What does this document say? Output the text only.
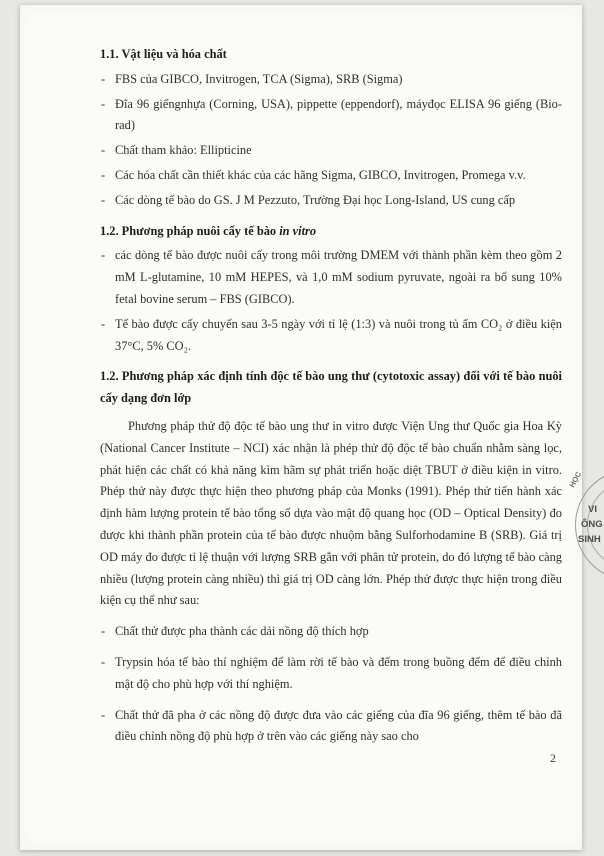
1.1. Vật liệu và hóa chất
- FBS của GIBCO, Invitrogen, TCA (Sigma), SRB (Sigma)
- Đĩa 96 giếngnhựa (Corning, USA), pippette (eppendorf), máyđọc ELISA 96 giếng (Bio-rad)
- Chất tham khảo: Ellipticine
- Các hóa chất cần thiết khác của các hãng Sigma, GIBCO, Invitrogen, Promega v.v.
- Các dòng tế bào do GS. J M Pezzuto, Trường Đại học Long-Island, US cung cấp
1.2. Phương pháp nuôi cấy tế bào in vitro
- các dòng tế bào được nuôi cấy trong môi trường DMEM với thành phần kèm theo gồm 2 mM L-glutamine, 10 mM HEPES, và 1,0 mM sodium pyruvate, ngoài ra bổ sung 10% fetal bovine serum – FBS (GIBCO).
- Tế bào được cấy chuyển sau 3-5 ngày với tỉ lệ (1:3) và nuôi trong tủ ấm CO₂ ở điều kiện 37°C, 5% CO₂.
1.2. Phương pháp xác định tính độc tế bào ung thư (cytotoxic assay) đối với tế bào nuôi cấy dạng đơn lớp
Phương pháp thử độ độc tế bào ung thư in vitro được Viện Ung thư Quốc gia Hoa Kỳ (National Cancer Institute – NCI) xác nhận là phép thử độ độc tế bào chuẩn nhằm sàng lọc, phát hiện các chất có khả năng kìm hãm sự phát triển hoặc diệt TBUT ở điều kiện in vitro. Phép thử này được thực hiện theo phương pháp của Monks (1991). Phép thử tiến hành xác định hàm lượng protein tế bào tổng số dựa vào mật độ quang học (OD – Optical Density) đo được khi thành phần protein của tế bào được nhuộm bằng Sulforhodamine B (SRB). Giá trị OD máy đo được tỉ lệ thuận với lượng SRB gắn với phân tử protein, do đó lượng tế bào càng nhiều (lượng protein càng nhiều) thì giá trị OD càng lớn. Phép thử được thực hiện trong điều kiện cụ thể như sau:
- Chất thử được pha thành các dải nồng độ thích hợp
- Trypsin hóa tế bào thí nghiệm để làm rời tế bào và đếm trong buồng đếm để điều chỉnh mật độ cho phù hợp với thí nghiệm.
- Chất thử đã pha ở các nồng độ được đưa vào các giếng của đĩa 96 giếng, thêm tế bào đã điều chỉnh nồng độ phù hợp ở trên vào các giếng này sao cho
2
HỌC
VI
ÔNG
SINH
